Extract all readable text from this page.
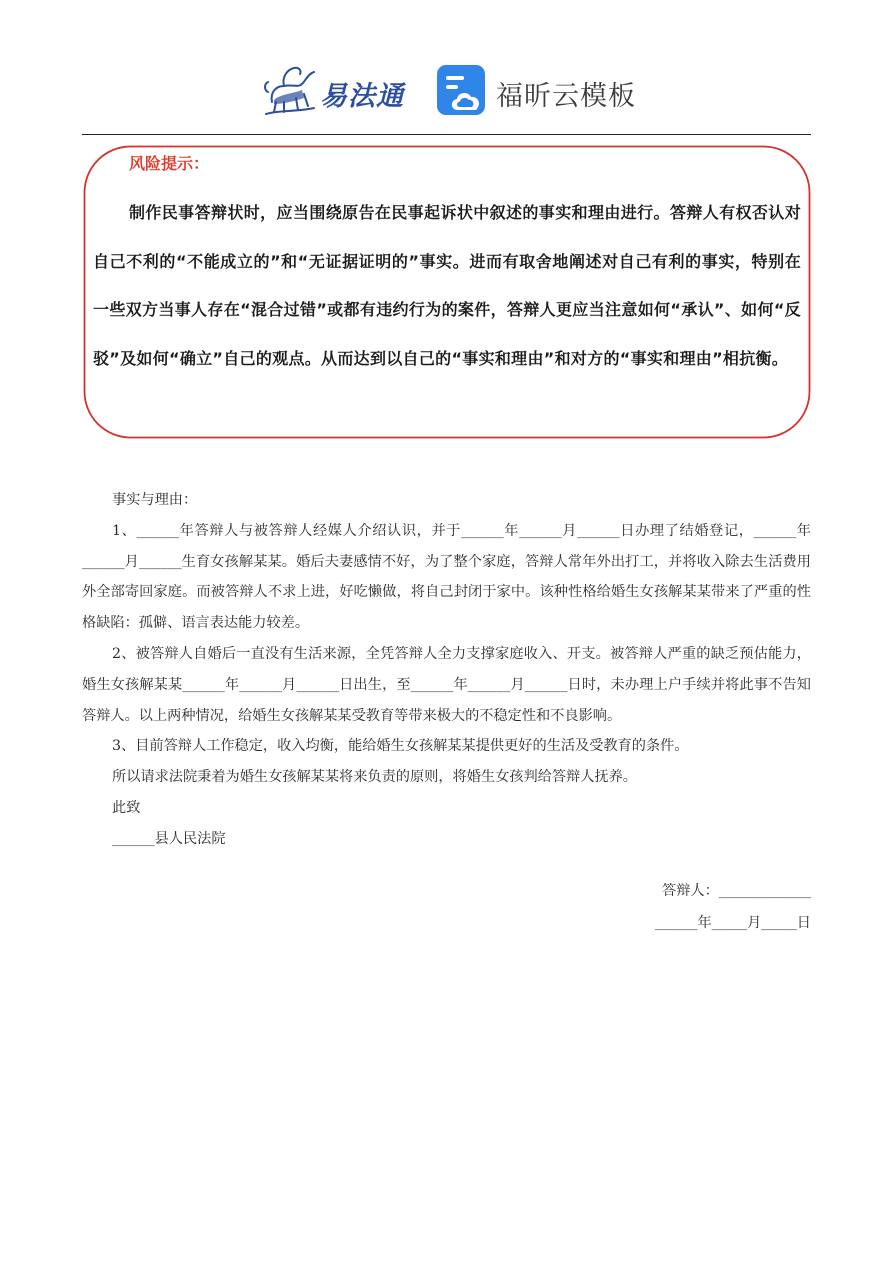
易法通	福昕云模板
风险提示：
制作民事答辩状时，应当围绕原告在民事起诉状中叙述的事实和理由进行。答辩人有权否认对自己不利的“不能成立的”和“无证据证明的”事实。进而有取舍地阐述对自己有利的事实，特别在一些双方当事人存在“混合过错”或都有违约行为的案件，答辩人更应当注意如何“承认”、如何“反驳”及如何“确立”自己的观点。从而达到以自己的“事实和理由”和对方的“事实和理由”相抗衡。

事实与理由：

1、______年答辩人与被答辩人经媒人介绍认识，并于______年______月______日办理了结婚登记，______年______月______生育女孩解某某。婚后夫妻感情不好，为了整个家庭，答辩人常年外出打工，并将收入除去生活费用外全部寄回家庭。而被答辩人不求上进，好吃懒做，将自己封闭于家中。该种性格给婚生女孩解某某带来了严重的性格缺陷：孤僻、语言表达能力较差。

2、被答辩人自婚后一直没有生活来源，全凭答辩人全力支撑家庭收入、开支。被答辩人严重的缺乏预估能力，婚生女孩解某某______年______月______日出生，至______年______月______日时，未办理上户手续并将此事不告知答辩人。以上两种情况，给婚生女孩解某某受教育等带来极大的不稳定性和不良影响。

3、目前答辩人工作稳定，收入均衡，能给婚生女孩解某某提供更好的生活及受教育的条件。

所以请求法院秉着为婚生女孩解某某将来负责的原则，将婚生女孩判给答辩人抚养。

此致

______县人民法院

答辩人：_____________
______年_____月_____日
